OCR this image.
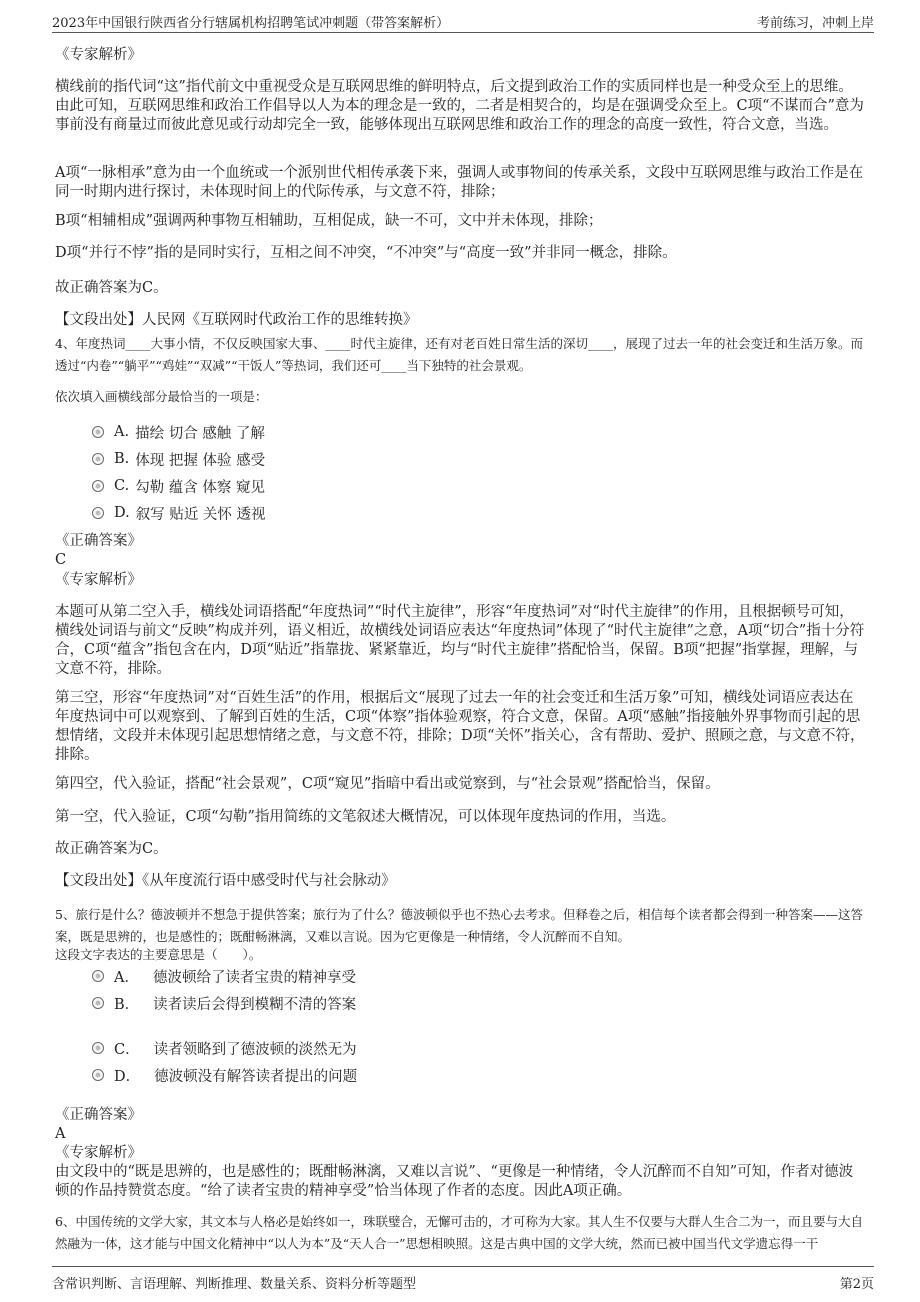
2023年中国银行陕西省分行辖属机构招聘笔试冲刺题（带答案解析）	考前练习，冲刺上岸

《专家解析》

横线前的指代词“这”指代前文中重视受众是互联网思维的鲜明特点，后文提到政治工作的实质同样也是一种受众至上的思维。由此可知，互联网思维和政治工作倡导以人为本的理念是一致的，二者是相契合的，均是在强调受众至上。C项“不谋而合”意为事前没有商量过而彼此意见或行动却完全一致，能够体现出互联网思维和政治工作的理念的高度一致性，符合文意，当选。

A项“一脉相承”意为由一个血统或一个派别世代相传承袭下来，强调人或事物间的传承关系，文段中互联网思维与政治工作是在同一时期内进行探讨，未体现时间上的代际传承，与文意不符，排除；

B项“相辅相成”强调两种事物互相辅助，互相促成，缺一不可，文中并未体现，排除；

D项“并行不悖”指的是同时实行，互相之间不冲突，“不冲突”与“高度一致”并非同一概念，排除。

故正确答案为C。

【文段出处】人民网《互联网时代政治工作的思维转换》

4、年度热词____大事小情，不仅反映国家大事、____时代主旋律，还有对老百姓日常生活的深切____，展现了过去一年的社会变迁和生活万象。而透过“内卷”“躺平”“鸡娃”“双减”“干饭人”等热词，我们还可____当下独特的社会景观。

依次填入画横线部分最恰当的一项是：

A. 描绘 切合 感触 了解
B. 体现 把握 体验 感受
C. 勾勒 蕴含 体察 窥见
D. 叙写 贴近 关怀 透视

《正确答案》

C

《专家解析》

本题可从第二空入手，横线处词语搭配“年度热词”“时代主旋律”，形容“年度热词”对“时代主旋律”的作用，且根据顿号可知，横线处词语与前文“反映”构成并列，语义相近，故横线处词语应表达“年度热词”体现了“时代主旋律”之意，A项“切合”指十分符合，C项“蕴含”指包含在内，D项“贴近”指靠拢、紧紧靠近，均与“时代主旋律”搭配恰当，保留。B项“把握”指掌握，理解，与文意不符，排除。

第三空，形容“年度热词”对“百姓生活”的作用，根据后文“展现了过去一年的社会变迁和生活万象”可知，横线处词语应表达在年度热词中可以观察到、了解到百姓的生活，C项“体察”指体验观察，符合文意，保留。A项“感触”指接触外界事物而引起的思想情绪，文段并未体现引起思想情绪之意，与文意不符，排除；D项“关怀”指关心，含有帮助、爱护、照顾之意，与文意不符，排除。

第四空，代入验证，搭配“社会景观”，C项“窥见”指暗中看出或觉察到，与“社会景观”搭配恰当，保留。

第一空，代入验证，C项“勾勒”指用简练的文笔叙述大概情况，可以体现年度热词的作用，当选。

故正确答案为C。

【文段出处】《从年度流行语中感受时代与社会脉动》

5、旅行是什么？德波顿并不想急于提供答案；旅行为了什么？德波顿似乎也不热心去考求。但释卷之后，相信每个读者都会得到一种答案——这答案，既是思辨的，也是感性的；既酣畅淋漓，又难以言说。因为它更像是一种情绪，令人沉醉而不自知。

这段文字表达的主要意思是（　　）。

A． 德波顿给了读者宝贵的精神享受
B． 读者读后会得到模糊不清的答案
C． 读者领略到了德波顿的淡然无为
D． 德波顿没有解答读者提出的问题

《正确答案》

A

《专家解析》

由文段中的“既是思辨的，也是感性的；既酣畅淋漓，又难以言说”、“更像是一种情绪，令人沉醉而不自知”可知，作者对德波顿的作品持赞赏态度。“给了读者宝贵的精神享受”恰当体现了作者的态度。因此A项正确。

6、中国传统的文学大家，其文本与人格必是始终如一，珠联璧合，无懈可击的，才可称为大家。其人生不仅要与大群人生合二为一，而且要与大自然融为一体，这才能与中国文化精神中“以人为本”及“天人合一”思想相映照。这是古典中国的文学大统，然而已被中国当代文学遗忘得一干

含常识判断、言语理解、判断推理、数量关系、资料分析等题型	第2页
